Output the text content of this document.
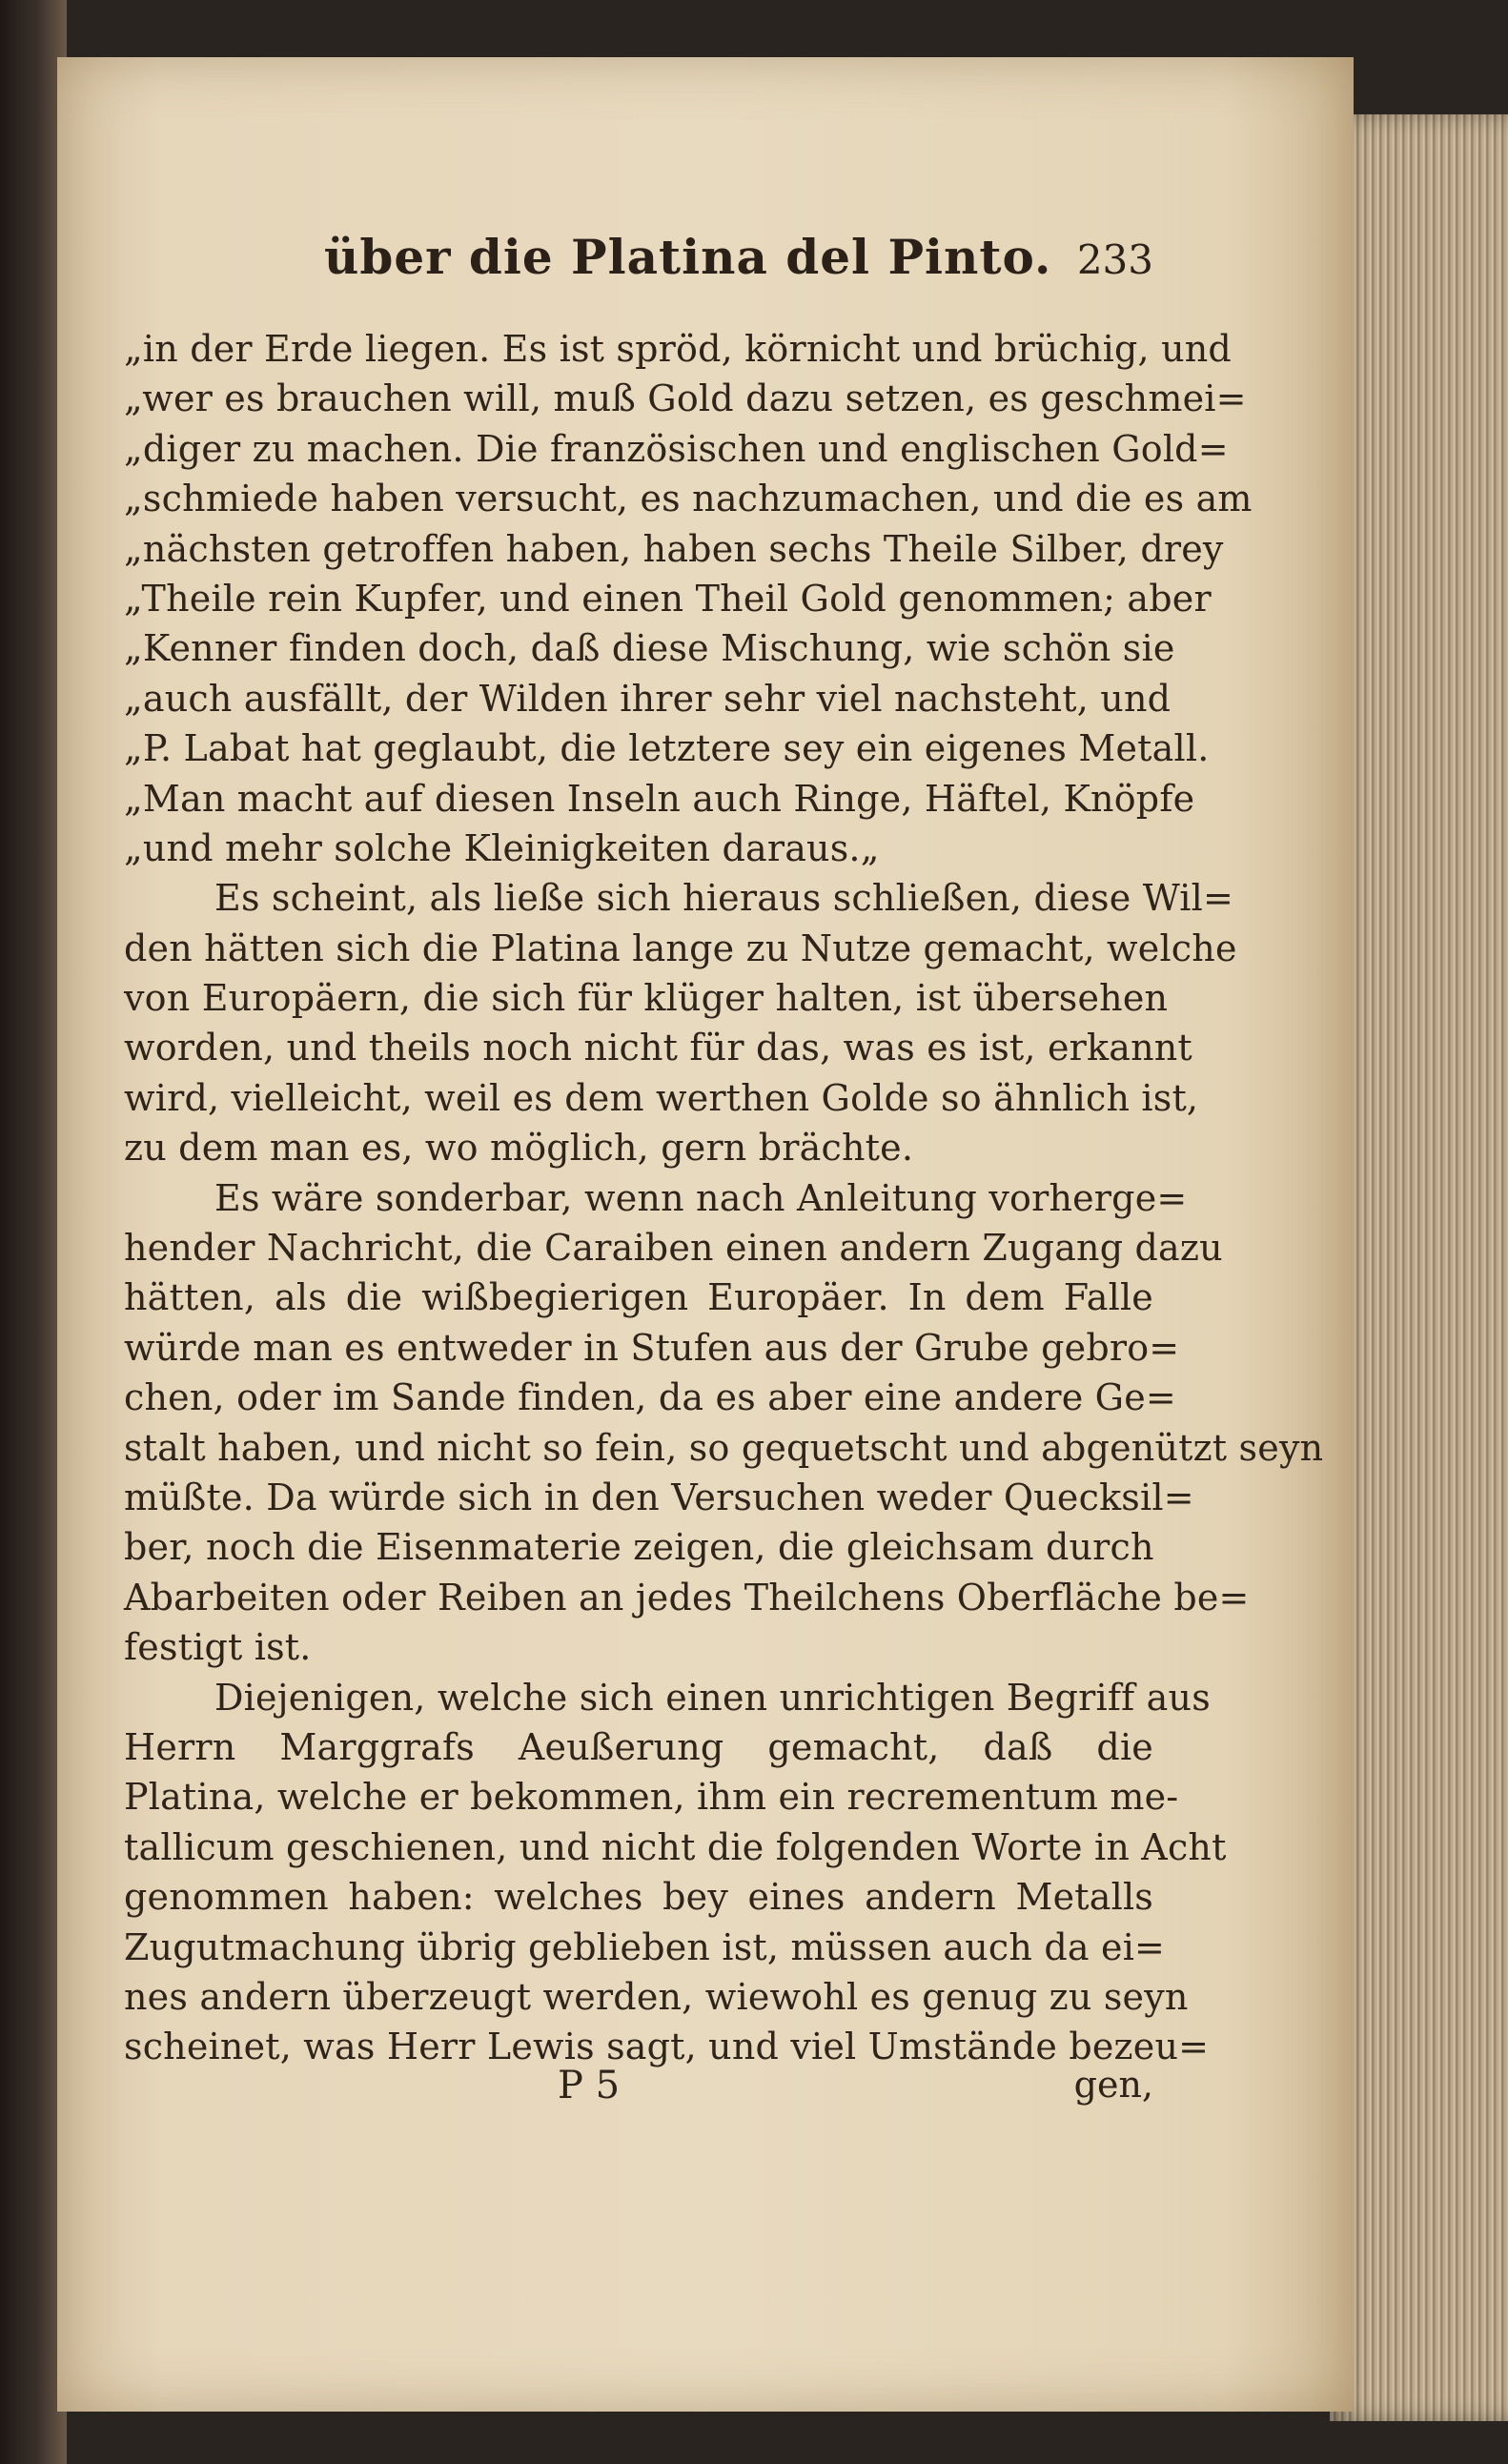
über die Platina del Pinto. 233
„in der Erde liegen. Es ist spröd, körnicht und brüchig, und
„wer es brauchen will, muß Gold dazu setzen, es geschmei=
„diger zu machen. Die französischen und englischen Gold=
„schmiede haben versucht, es nachzumachen, und die es am
„nächsten getroffen haben, haben sechs Theile Silber, drey
„Theile rein Kupfer, und einen Theil Gold genommen; aber
„Kenner finden doch, daß diese Mischung, wie schön sie
„auch ausfällt, der Wilden ihrer sehr viel nachsteht, und
„P. Labat hat geglaubt, die letztere sey ein eigenes Metall.
„Man macht auf diesen Inseln auch Ringe, Häftel, Knöpfe
„und mehr solche Kleinigkeiten daraus.„
Es scheint, als ließe sich hieraus schließen, diese Wil=
den hätten sich die Platina lange zu Nutze gemacht, welche
von Europäern, die sich für klüger halten, ist übersehen
worden, und theils noch nicht für das, was es ist, erkannt
wird, vielleicht, weil es dem werthen Golde so ähnlich ist,
zu dem man es, wo möglich, gern brächte.
Es wäre sonderbar, wenn nach Anleitung vorherge=
hender Nachricht, die Caraiben einen andern Zugang dazu
hätten, als die wißbegierigen Europäer. In dem Falle
würde man es entweder in Stufen aus der Grube gebro=
chen, oder im Sande finden, da es aber eine andere Ge=
stalt haben, und nicht so fein, so gequetscht und abgenützt seyn
müßte. Da würde sich in den Versuchen weder Quecksil=
ber, noch die Eisenmaterie zeigen, die gleichsam durch
Abarbeiten oder Reiben an jedes Theilchens Oberfläche be=
festigt ist.
Diejenigen, welche sich einen unrichtigen Begriff aus
Herrn Marggrafs Aeußerung gemacht, daß die
Platina, welche er bekommen, ihm ein recrementum me-
tallicum geschienen, und nicht die folgenden Worte in Acht
genommen haben: welches bey eines andern Metalls
Zugutmachung übrig geblieben ist, müssen auch da ei=
nes andern überzeugt werden, wiewohl es genug zu seyn
scheinet, was Herr Lewis sagt, und viel Umstände bezeu=
P 5	gen,
